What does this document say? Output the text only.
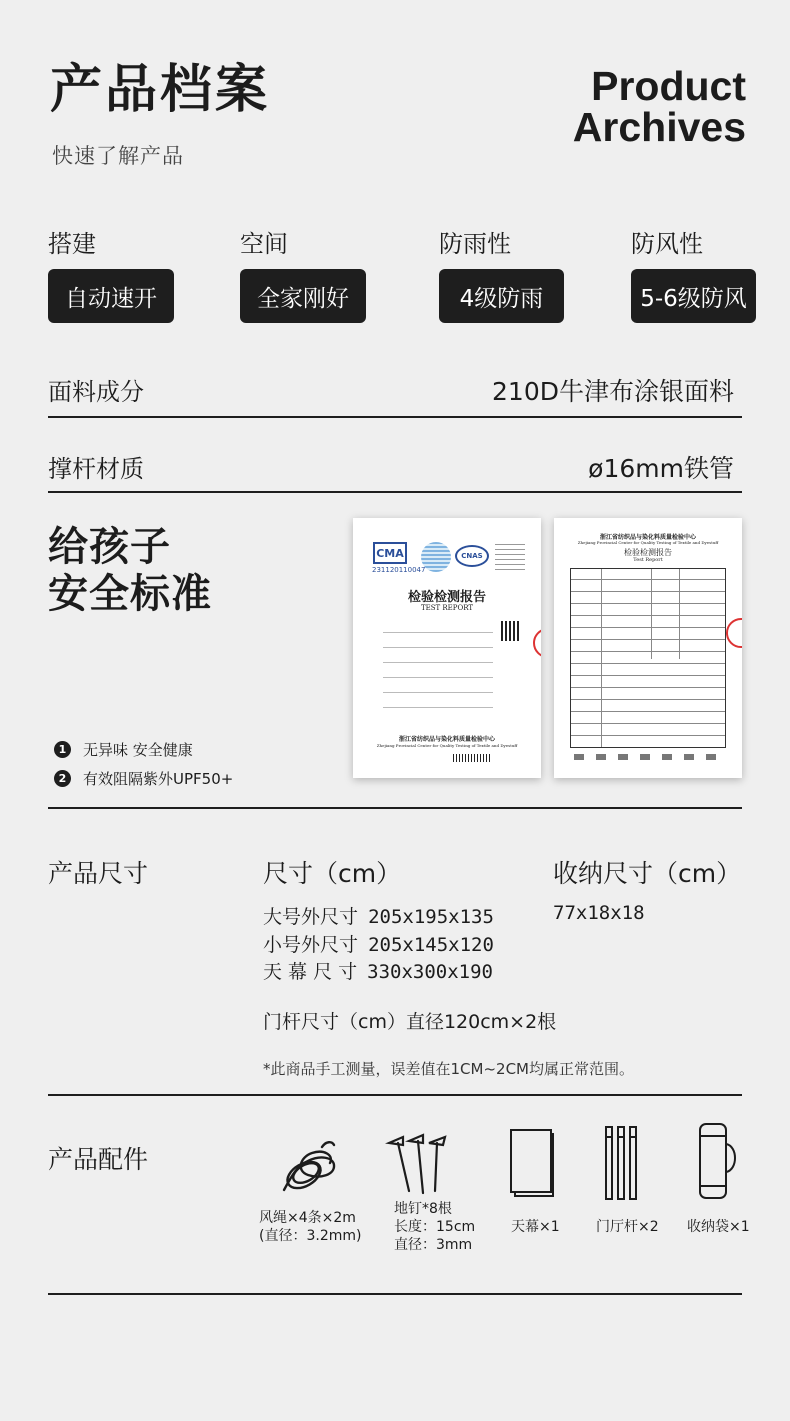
产品档案
快速了解产品
Product
Archives
搭建	空间	防雨性	防风性
自动速开	全家刚好	4级防雨	5-6级防风
面料成分	210D牛津布涂银面料
撑杆材质	ø16mm铁管
给孩子
安全标准
1	无异味 安全健康
2	有效阻隔紫外UPF50+
CMA
231120110047
CNAS
检验检测报告
TEST REPORT
浙江省纺织品与染化料质量检验中心
Zhejiang Provincial Center for Quality Testing of Textile and Dyestuff
浙江省纺织品与染化料质量检验中心
Zhejiang Provincial Center for Quality Testing of Textile and Dyestuff
检验检测报告
Test Report
产品尺寸	尺寸（cm）	收纳尺寸（cm）
大号外尺寸 205x195x135
小号外尺寸 205x145x120
天 幕 尺 寸 330x300x190
77x18x18
门杆尺寸（cm）直径120cm×2根
*此商品手工测量，误差值在1CM~2CM均属正常范围。
产品配件
风绳×4条×2m
(直径：3.2mm)
地钉*8根
长度：15cm
直径：3mm
天幕×1	门厅杆×2 收纳袋×1
